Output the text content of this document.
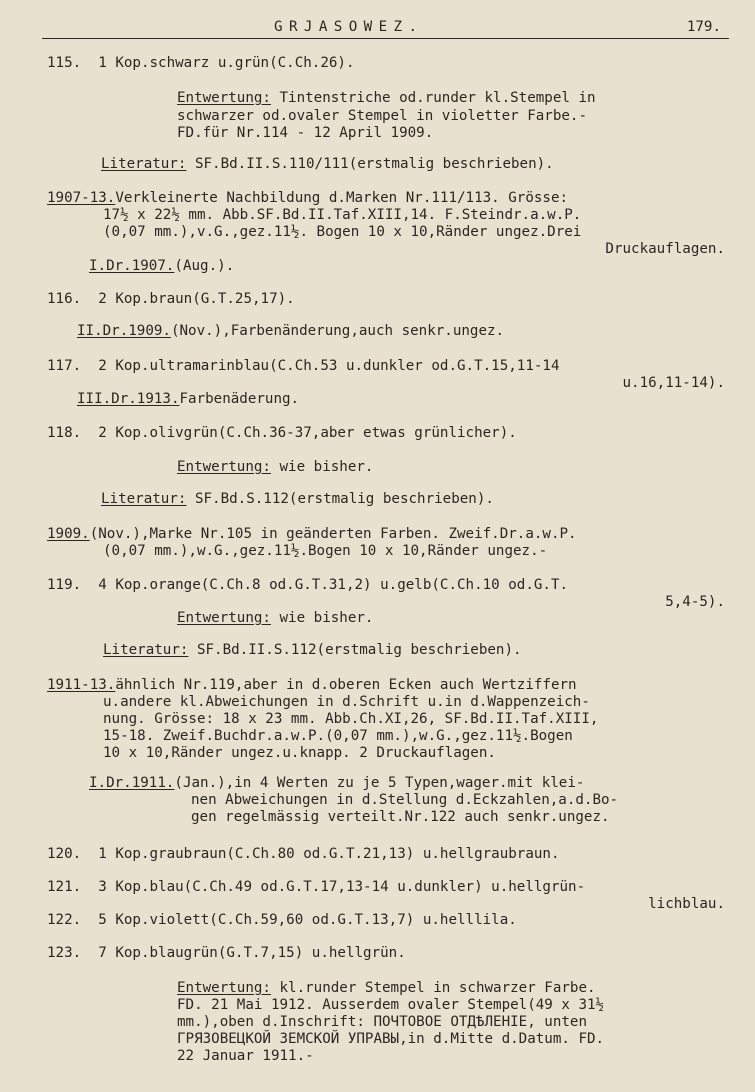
GRJASOWEZ.	179.
115.  1 Kop.schwarz u.grün(C.Ch.26).
Entwertung: Tintenstriche od.runder kl.Stempel in
schwarzer od.ovaler Stempel in violetter Farbe.-
FD.für Nr.114 - 12 April 1909.
Literatur: SF.Bd.II.S.110/111(erstmalig beschrieben).
1907-13.Verkleinerte Nachbildung d.Marken Nr.111/113. Grösse:
17½ x 22½ mm. Abb.SF.Bd.II.Taf.XIII,14. F.Steindr.a.w.P.
(0,07 mm.),v.G.,gez.11½. Bogen 10 x 10,Ränder ungez.Drei
Druckauflagen.
I.Dr.1907.(Aug.).
116.  2 Kop.braun(G.T.25,17).
II.Dr.1909.(Nov.),Farbenänderung,auch senkr.ungez.
117.  2 Kop.ultramarinblau(C.Ch.53 u.dunkler od.G.T.15,11-14
u.16,11-14).
III.Dr.1913.Farbenäderung.
118.  2 Kop.olivgrün(C.Ch.36-37,aber etwas grünlicher).
Entwertung: wie bisher.
Literatur: SF.Bd.S.112(erstmalig beschrieben).
1909.(Nov.),Marke Nr.105 in geänderten Farben. Zweif.Dr.a.w.P.
(0,07 mm.),w.G.,gez.11½.Bogen 10 x 10,Ränder ungez.-
119.  4 Kop.orange(C.Ch.8 od.G.T.31,2) u.gelb(C.Ch.10 od.G.T.
5,4-5).
Entwertung: wie bisher.
Literatur: SF.Bd.II.S.112(erstmalig beschrieben).
1911-13.ähnlich Nr.119,aber in d.oberen Ecken auch Wertziffern
u.andere kl.Abweichungen in d.Schrift u.in d.Wappenzeich-
nung. Grösse: 18 x 23 mm. Abb.Ch.XI,26, SF.Bd.II.Taf.XIII,
15-18. Zweif.Buchdr.a.w.P.(0,07 mm.),w.G.,gez.11½.Bogen
10 x 10,Ränder ungez.u.knapp. 2 Druckauflagen.
I.Dr.1911.(Jan.),in 4 Werten zu je 5 Typen,wager.mit klei-
nen Abweichungen in d.Stellung d.Eckzahlen,a.d.Bo-
gen regelmässig verteilt.Nr.122 auch senkr.ungez.
120.  1 Kop.graubraun(C.Ch.80 od.G.T.21,13) u.hellgraubraun.
121.  3 Kop.blau(C.Ch.49 od.G.T.17,13-14 u.dunkler) u.hellgrün-
lichblau.
122.  5 Kop.violett(C.Ch.59,60 od.G.T.13,7) u.helllila.
123.  7 Kop.blaugrün(G.T.7,15) u.hellgrün.
Entwertung: kl.runder Stempel in schwarzer Farbe.
FD. 21 Mai 1912. Ausserdem ovaler Stempel(49 x 31½
mm.),oben d.Inschrift: ПОЧТОВОЕ ОТДѢЛЕНIЕ, unten
ГРЯЗОВЕЦКОЙ ЗЕМСКОЙ УПРАВЫ,in d.Mitte d.Datum. FD.
22 Januar 1911.-
